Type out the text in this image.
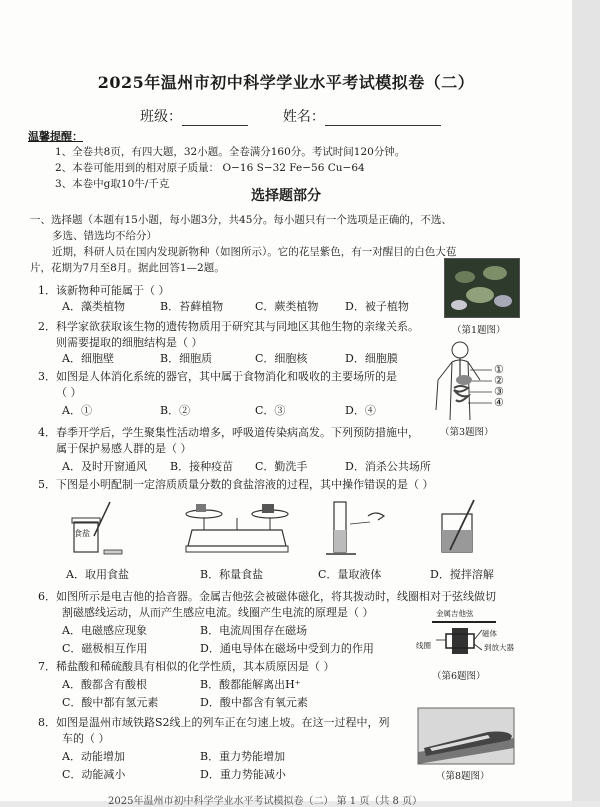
2025年温州市初中科学学业水平考试模拟卷（二）
班级：	姓名：
温馨提醒：
1、全卷共8页，有四大题，32小题。全卷满分160分。考试时间120分钟。
2、本卷可能用到的相对原子质量： O−16 S−32 Fe−56 Cu−64
3、本卷中g取10牛/千克
选择题部分
一、选择题（本题有15小题，每小题3分，共45分。每小题只有一个选项是正确的，不选、
多选、错选均不给分）
近期，科研人员在国内发现新物种（如图所示）。它的花呈紫色，有一对醒目的白色大苞
片，花期为7月至8月。据此回答1—2题。
1．该新物种可能属于（ ）
A．藻类植物	B．苔藓植物	C．蕨类植物 D．被子植物
（第1题图）
2．科学家欲获取该生物的遗传物质用于研究其与同地区其他生物的亲缘关系。
则需要提取的细胞结构是（ ）
A．细胞壁	B．细胞质	C．细胞核	D．细胞膜
3．如图是人体消化系统的器官，其中属于食物消化和吸收的主要场所的是
（ ）
A．①	B．②	C．③	D．④
①
②
③
④
（第3题图）
4．春季开学后，学生聚集性活动增多，呼吸道传染病高发。下列预防措施中，
属于保护易感人群的是（ ）
A．及时开窗通风 B．接种疫苗 C．勤洗手	D．消杀公共场所
5．下图是小明配制一定溶质质量分数的食盐溶液的过程，其中操作错误的是（ ）
食盐
A．取用食盐	B．称量食盐	C．量取液体	D．搅拌溶解
6．如图所示是电吉他的拾音器。金属吉他弦会被磁体磁化，将其拨动时，线圈相对于弦线做切
割磁感线运动，从而产生感应电流。线圈产生电流的原理是（ ）
A．电磁感应现象	B．电流周围存在磁场
C．磁极相互作用	D．通电导体在磁场中受到力的作用
金属吉他弦
磁体
线圈	到放大器
（第6题图）
7．稀盐酸和稀硫酸具有相似的化学性质，其本质原因是（ ）
A．酸都含有酸根	B．酸都能解离出H⁺
C．酸中都有氢元素	D．酸中都含有氧元素
8．如图是温州市域铁路S2线上的列车正在匀速上坡。在这一过程中，列
车的（ ）
A．动能增加	B．重力势能增加
C．动能减小	D．重力势能减小	（第8题图）
2025年温州市初中科学学业水平考试模拟卷（二） 第 1 页（共 8 页）
